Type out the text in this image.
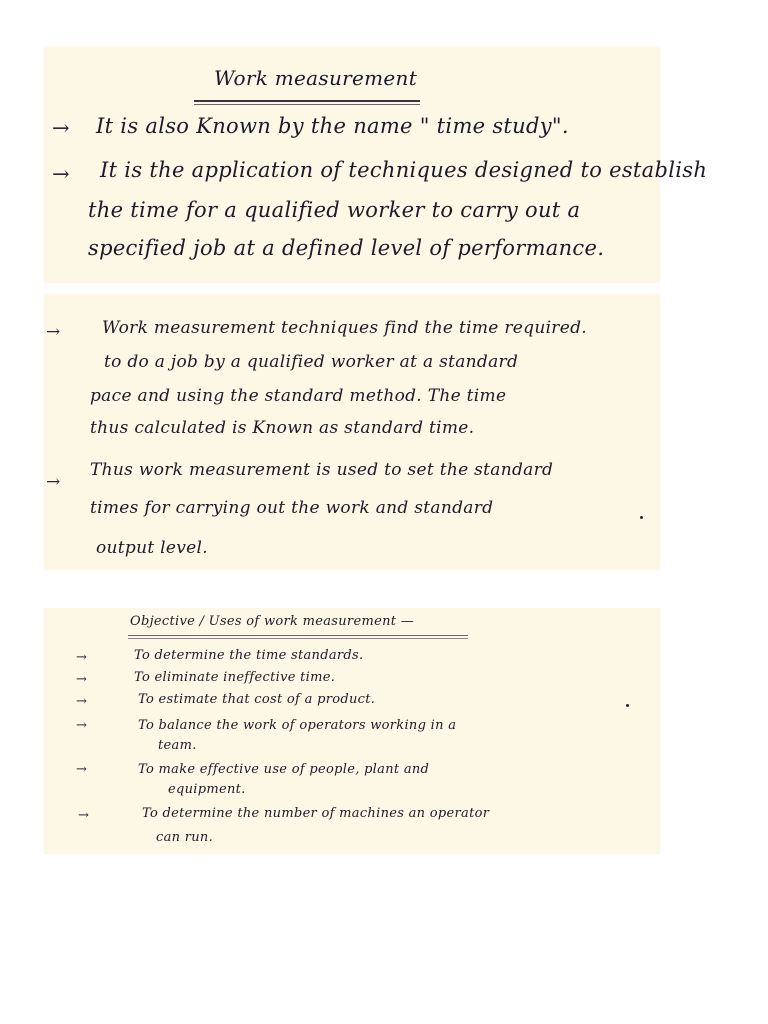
Work measurement
→ It is also Known by the name " time study".
→ It is the application of techniques designed to establish
the time for a qualified worker to carry out a
specified job at a defined level of performance.
→ Work measurement techniques find the time required.
to do a job by a qualified worker at a standard
pace and using the standard method. The time
thus calculated is Known as standard time.
→
Thus work measurement is used to set the standard
times for carrying out the work and standard
output level.
Objective / Uses of work measurement —
→	To determine the time standards.
→	To eliminate ineffective time.
→	To estimate that cost of a product.
→	To balance the work of operators working in a
team.
→	To make effective use of people, plant and
equipment.
→	To determine the number of machines an operator
can run.
